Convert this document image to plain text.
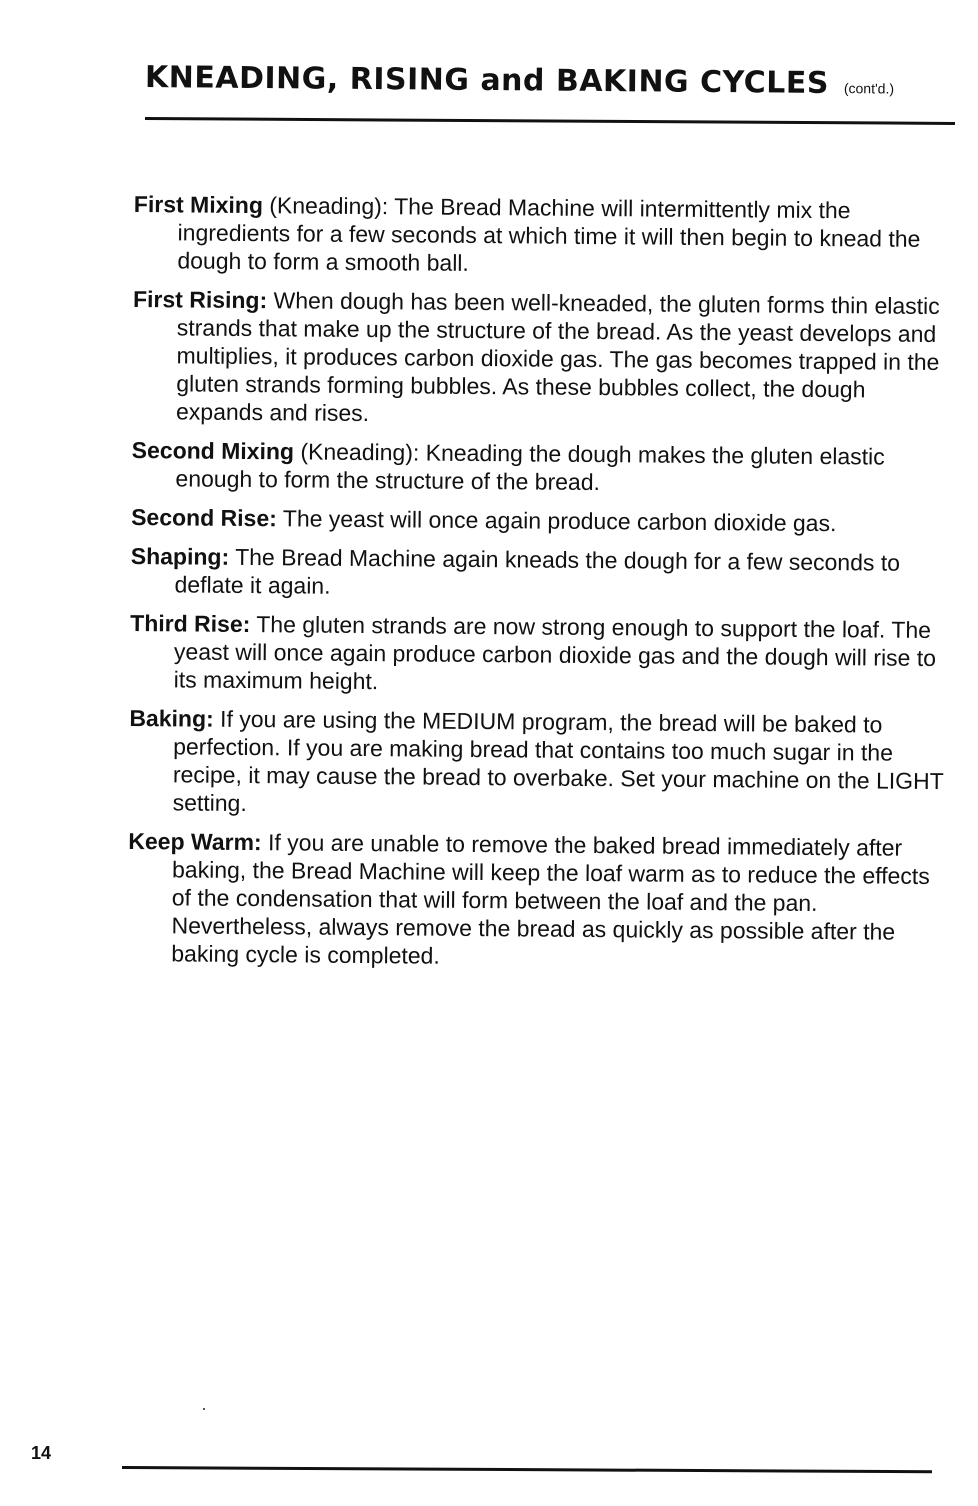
KNEADING, RISING and BAKING CYCLES (cont'd.)

First Mixing (Kneading): The Bread Machine will intermittently mix the ingredients for a few seconds at which time it will then begin to knead the dough to form a smooth ball.

First Rising: When dough has been well-kneaded, the gluten forms thin elastic strands that make up the structure of the bread. As the yeast develops and multiplies, it produces carbon dioxide gas. The gas becomes trapped in the gluten strands forming bubbles. As these bubbles collect, the dough expands and rises.

Second Mixing (Kneading): Kneading the dough makes the gluten elastic enough to form the structure of the bread.

Second Rise: The yeast will once again produce carbon dioxide gas.

Shaping: The Bread Machine again kneads the dough for a few seconds to deflate it again.

Third Rise: The gluten strands are now strong enough to support the loaf. The yeast will once again produce carbon dioxide gas and the dough will rise to its maximum height.

Baking: If you are using the MEDIUM program, the bread will be baked to perfection. If you are making bread that contains too much sugar in the recipe, it may cause the bread to overbake. Set your machine on the LIGHT setting.

Keep Warm: If you are unable to remove the baked bread immediately after baking, the Bread Machine will keep the loaf warm as to reduce the effects of the condensation that will form between the loaf and the pan. Nevertheless, always remove the bread as quickly as possible after the baking cycle is completed.

14
